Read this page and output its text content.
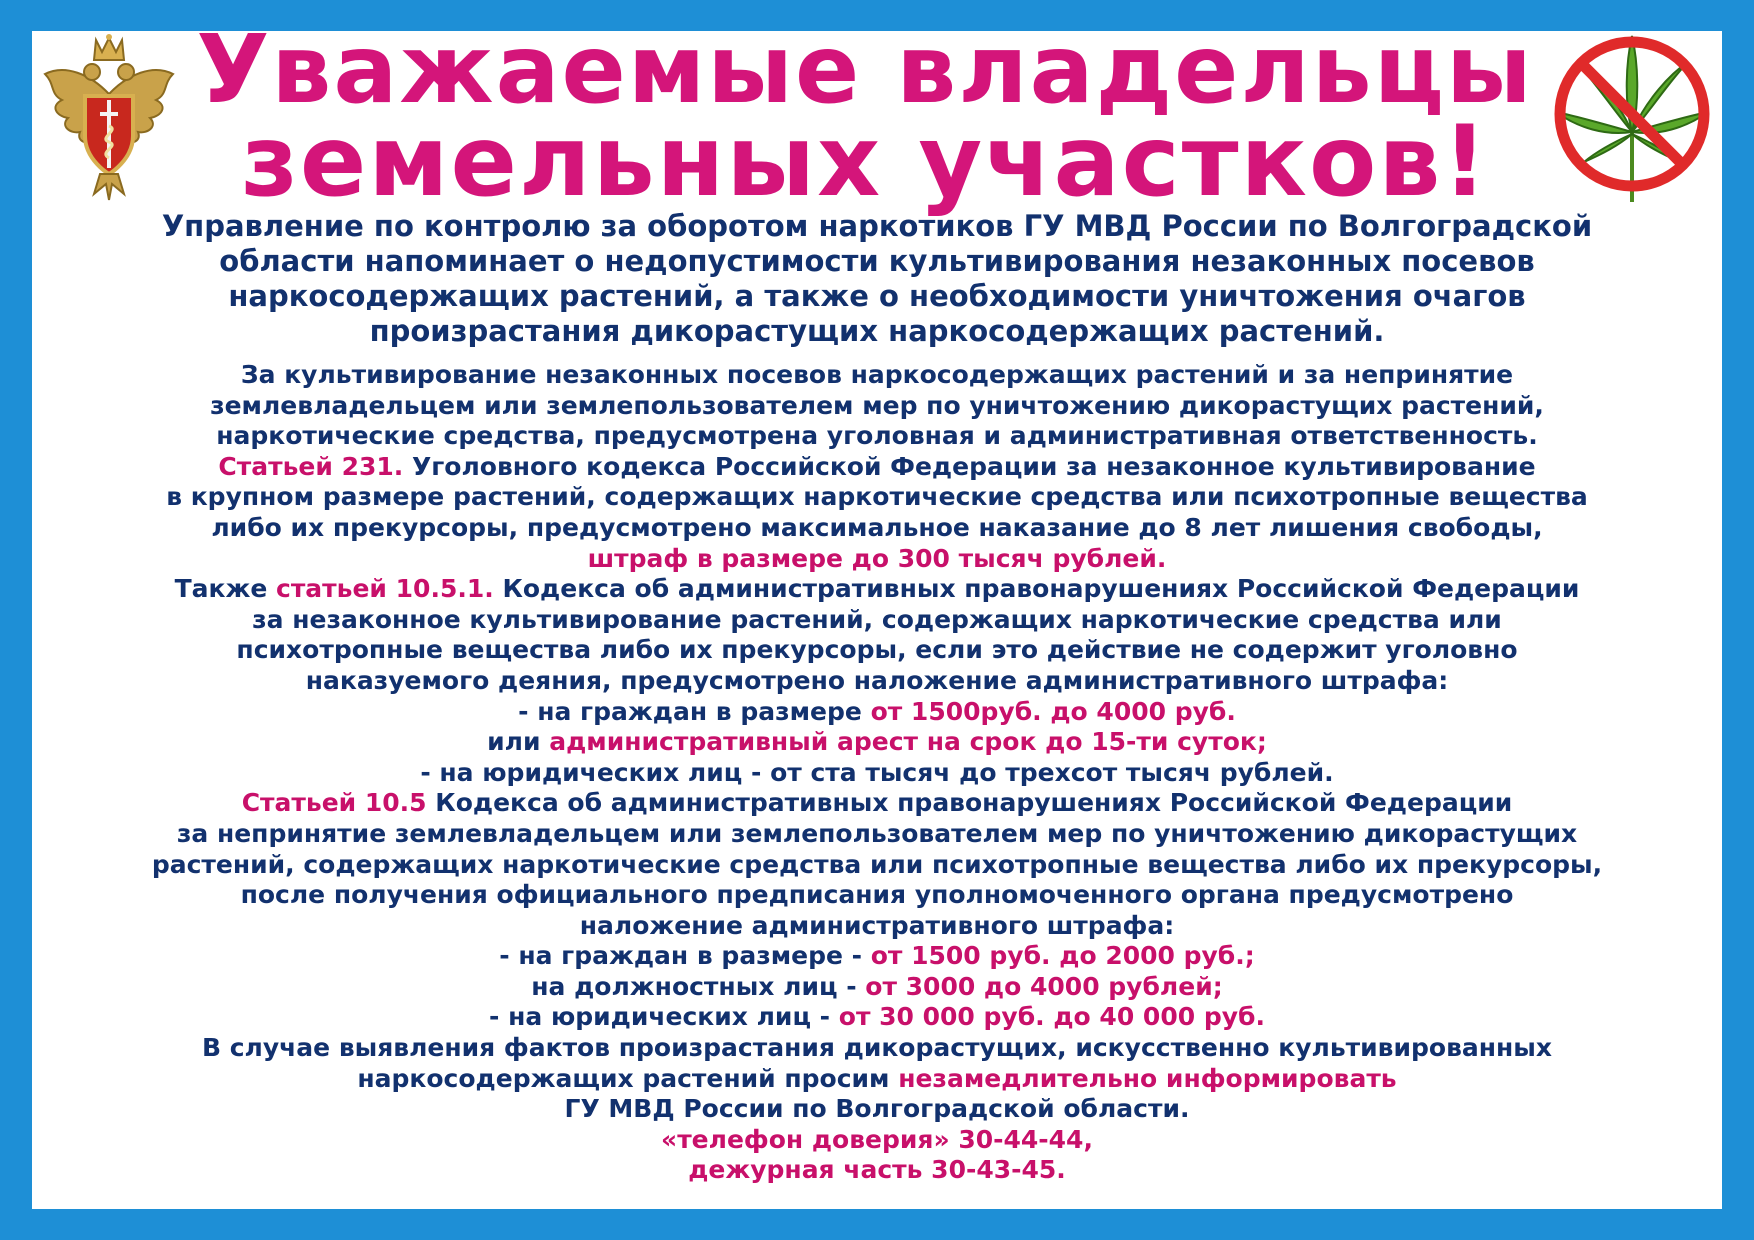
Уважаемые владельцы
земельных участков!
Управление по контролю за оборотом наркотиков ГУ МВД России по Волгоградской
области напоминает о недопустимости культивирования незаконных посевов
наркосодержащих растений, а также о необходимости уничтожения очагов
произрастания дикорастущих наркосодержащих растений.
За культивирование незаконных посевов наркосодержащих растений и за непринятие
землевладельцем или землепользователем мер по уничтожению дикорастущих растений,
наркотические средства, предусмотрена уголовная и административная ответственность.
Статьей 231. Уголовного кодекса Российской Федерации за незаконное культивирование
в крупном размере растений, содержащих наркотические средства или психотропные вещества
либо их прекурсоры, предусмотрено максимальное наказание до 8 лет лишения свободы,
штраф в размере до 300 тысяч рублей.
Также статьей 10.5.1. Кодекса об административных правонарушениях Российской Федерации
за незаконное культивирование растений, содержащих наркотические средства или
психотропные вещества либо их прекурсоры, если это действие не содержит уголовно
наказуемого деяния, предусмотрено наложение административного штрафа:
- на граждан в размере от 1500руб. до 4000 руб.
или административный арест на срок до 15-ти суток;
- на юридических лиц - от ста тысяч до трехсот тысяч рублей.
Статьей 10.5 Кодекса об административных правонарушениях Российской Федерации
за непринятие землевладельцем или землепользователем мер по уничтожению дикорастущих
растений, содержащих наркотические средства или психотропные вещества либо их прекурсоры,
после получения официального предписания уполномоченного органа предусмотрено
наложение административного штрафа:
- на граждан в размере - от 1500 руб. до 2000 руб.;
на должностных лиц - от 3000 до 4000 рублей;
- на юридических лиц - от 30 000 руб. до 40 000 руб.
В случае выявления фактов произрастания дикорастущих, искусственно культивированных
наркосодержащих растений просим незамедлительно информировать
ГУ МВД России по Волгоградской области.
«телефон доверия» 30-44-44,
дежурная часть 30-43-45.
